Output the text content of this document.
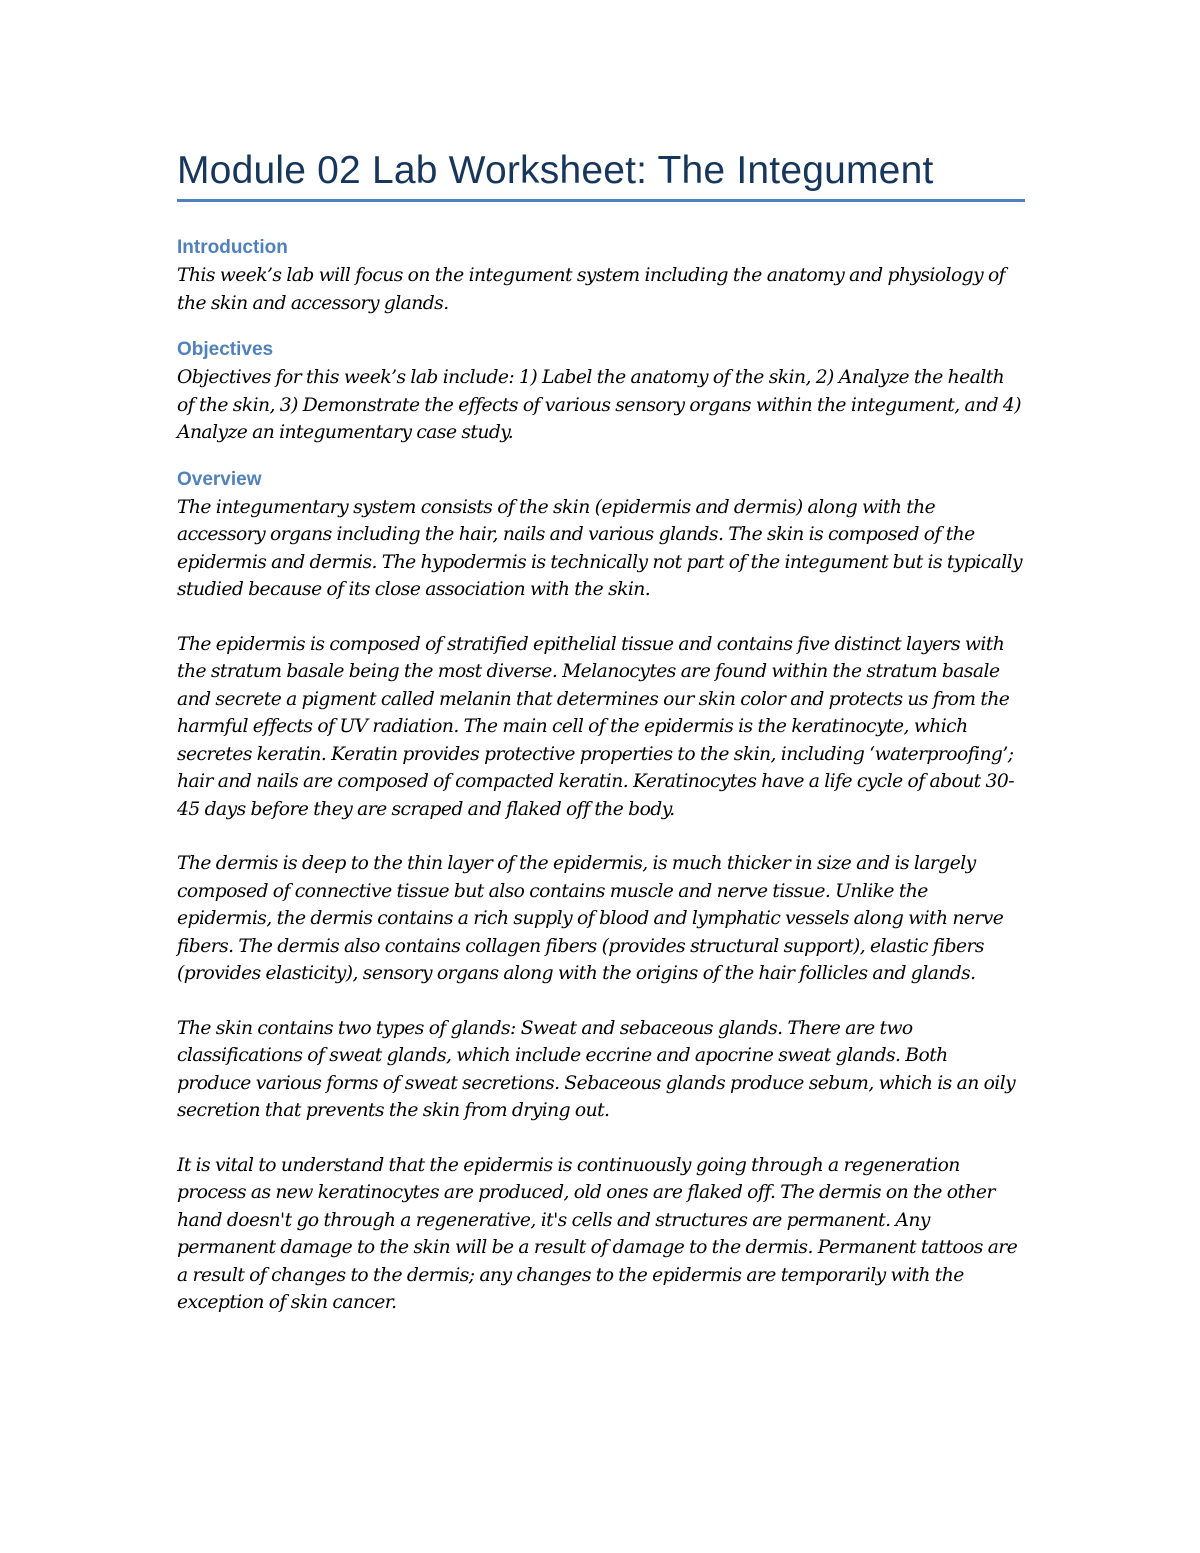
Module 02 Lab Worksheet: The Integument
Introduction

This week’s lab will focus on the integument system including the anatomy and physiology of the skin and accessory glands.

Objectives

Objectives for this week’s lab include: 1) Label the anatomy of the skin, 2) Analyze the health of the skin, 3) Demonstrate the effects of various sensory organs within the integument, and 4) Analyze an integumentary case study.

Overview

The integumentary system consists of the skin (epidermis and dermis) along with the accessory organs including the hair, nails and various glands. The skin is composed of the epidermis and dermis. The hypodermis is technically not part of the integument but is typically studied because of its close association with the skin.

The epidermis is composed of stratified epithelial tissue and contains five distinct layers with the stratum basale being the most diverse. Melanocytes are found within the stratum basale and secrete a pigment called melanin that determines our skin color and protects us from the harmful effects of UV radiation. The main cell of the epidermis is the keratinocyte, which secretes keratin. Keratin provides protective properties to the skin, including ‘waterproofing’; hair and nails are composed of compacted keratin. Keratinocytes have a life cycle of about 30-45 days before they are scraped and flaked off the body.

The dermis is deep to the thin layer of the epidermis, is much thicker in size and is largely composed of connective tissue but also contains muscle and nerve tissue. Unlike the epidermis, the dermis contains a rich supply of blood and lymphatic vessels along with nerve fibers. The dermis also contains collagen fibers (provides structural support), elastic fibers (provides elasticity), sensory organs along with the origins of the hair follicles and glands.

The skin contains two types of glands: Sweat and sebaceous glands. There are two classifications of sweat glands, which include eccrine and apocrine sweat glands. Both produce various forms of sweat secretions. Sebaceous glands produce sebum, which is an oily secretion that prevents the skin from drying out.

It is vital to understand that the epidermis is continuously going through a regeneration process as new keratinocytes are produced, old ones are flaked off. The dermis on the other hand doesn't go through a regenerative, it's cells and structures are permanent. Any permanent damage to the skin will be a result of damage to the dermis. Permanent tattoos are a result of changes to the dermis; any changes to the epidermis are temporarily with the exception of skin cancer.
